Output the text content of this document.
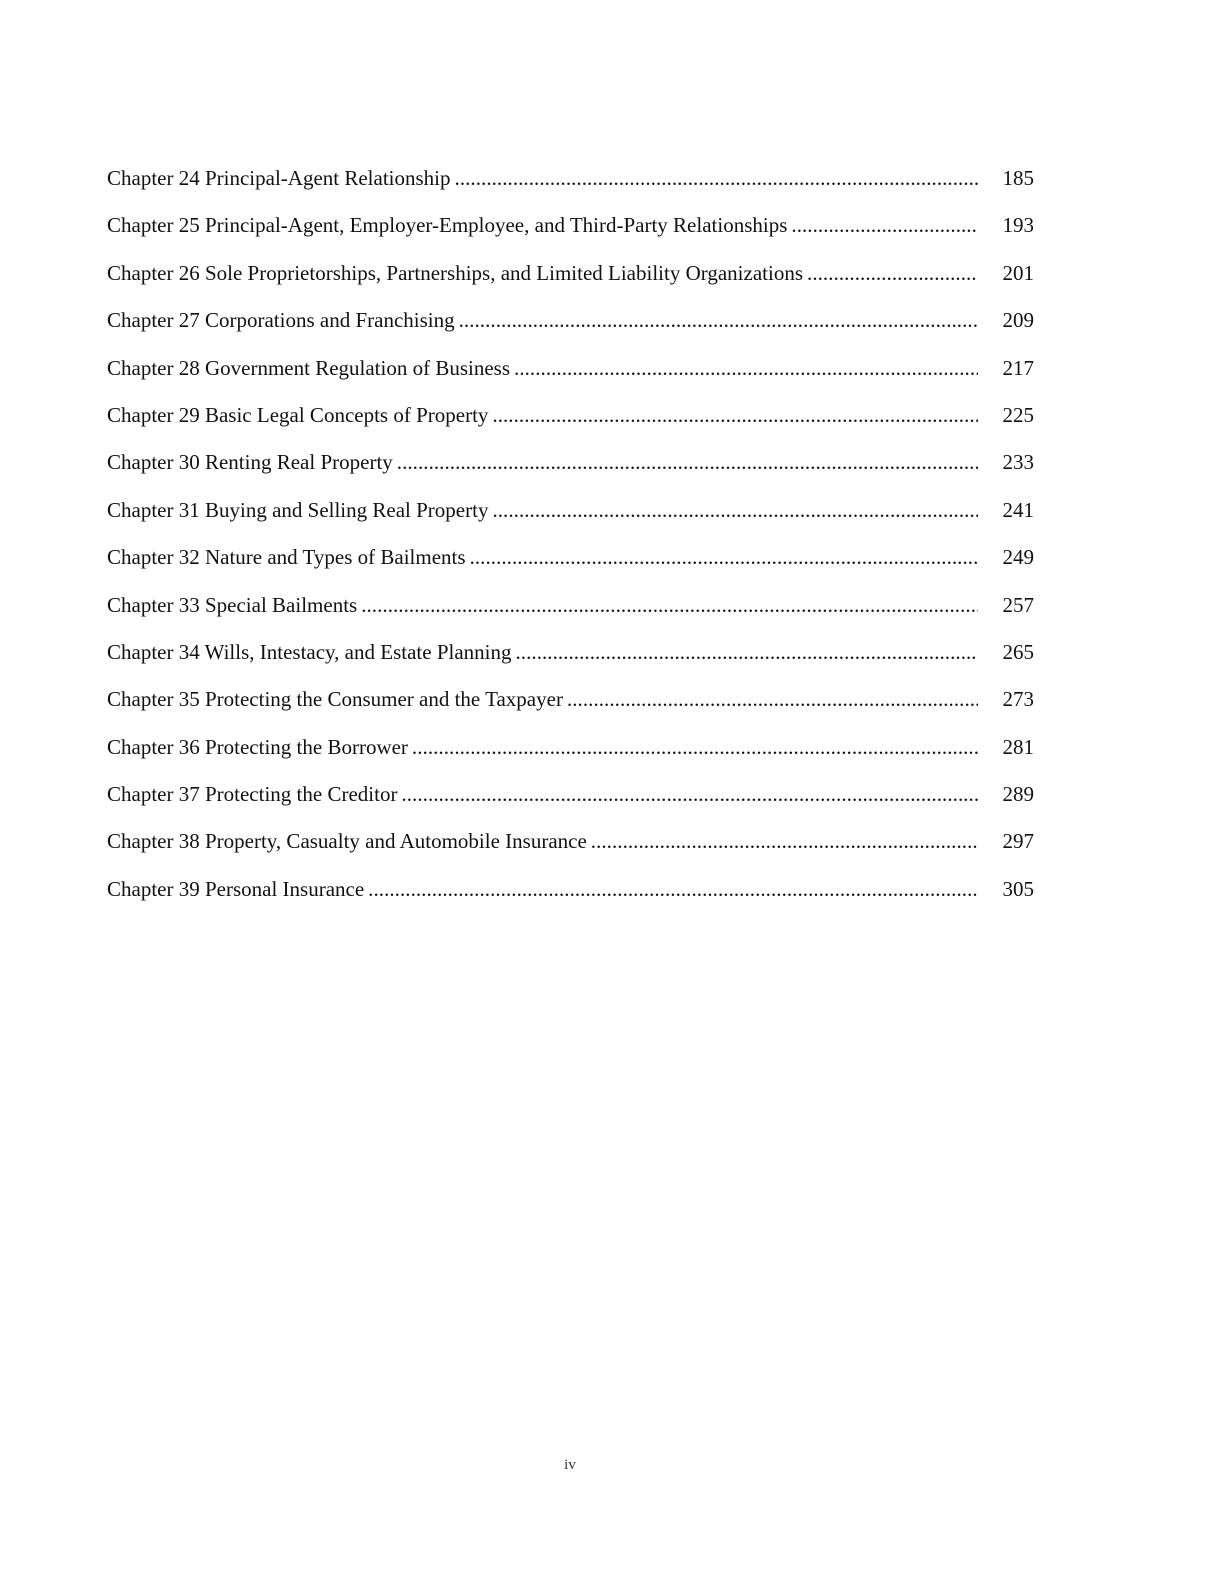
Chapter 24 Principal-Agent Relationship . . .	185
Chapter 25 Principal-Agent, Employer-Employee, and Third-Party Relationships . . .	193
Chapter 26 Sole Proprietorships, Partnerships, and Limited Liability Organizations . . .	201
Chapter 27 Corporations and Franchising . . .	209
Chapter 28 Government Regulation of Business . . .	217
Chapter 29 Basic Legal Concepts of Property . . .	225
Chapter 30 Renting Real Property . . .	233
Chapter 31 Buying and Selling Real Property . . .	241
Chapter 32 Nature and Types of Bailments . . .	249
Chapter 33 Special Bailments . . .	257
Chapter 34 Wills, Intestacy, and Estate Planning . . .	265
Chapter 35 Protecting the Consumer and the Taxpayer . . .	273
Chapter 36 Protecting the Borrower . . .	281
Chapter 37 Protecting the Creditor . . .	289
Chapter 38 Property, Casualty and Automobile Insurance . . .	297
Chapter 39 Personal Insurance . . .	305
iv
